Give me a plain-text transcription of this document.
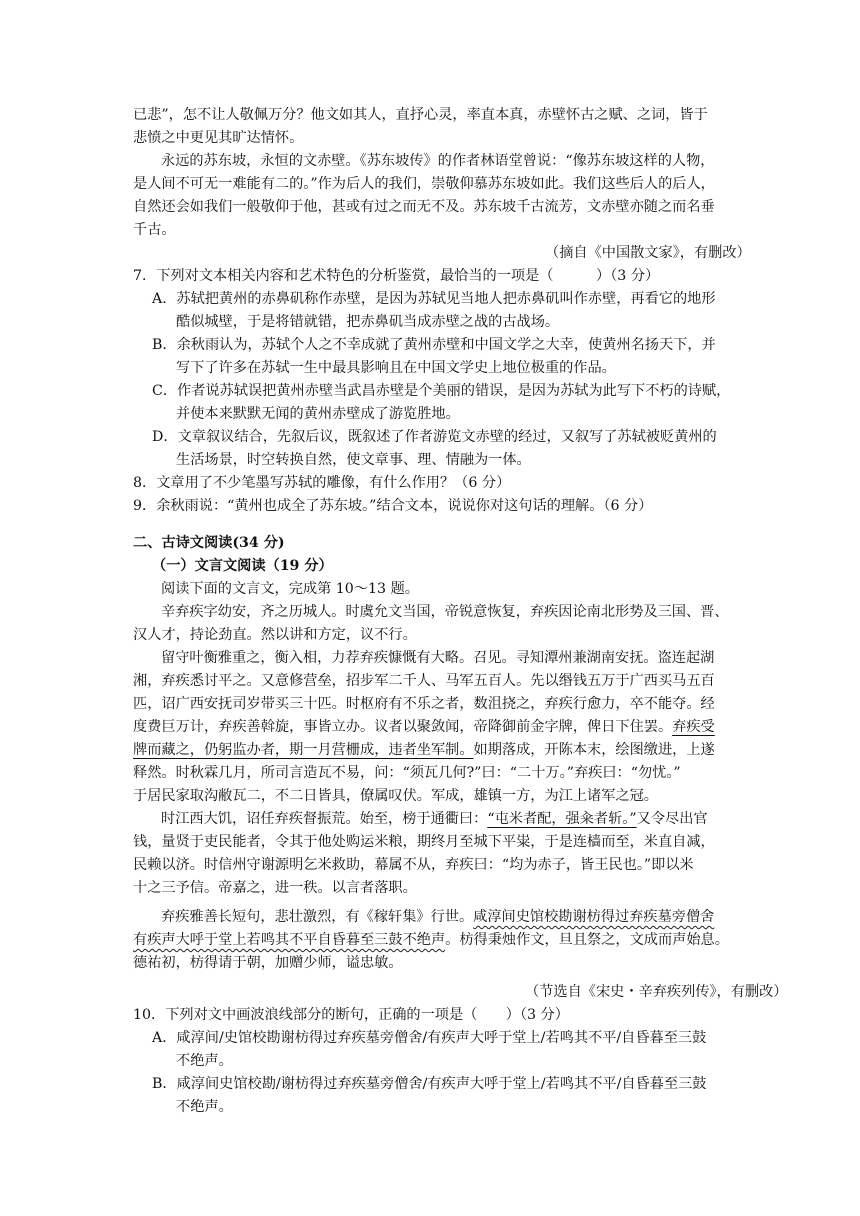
已悲”，怎不让人敬佩万分？他文如其人，直抒心灵，率直本真，赤壁怀古之赋、之词，皆于
悲愤之中更见其旷达情怀。
永远的苏东坡，永恒的文赤壁。《苏东坡传》的作者林语堂曾说：“像苏东坡这样的人物，
是人间不可无一难能有二的。”作为后人的我们，崇敬仰慕苏东坡如此。我们这些后人的后人，
自然还会如我们一般敬仰于他，甚或有过之而无不及。苏东坡千古流芳，文赤壁亦随之而名垂
千古。
（摘自《中国散文家》，有删改）
7．下列对文本相关内容和艺术特色的分析鉴赏，最恰当的一项是（　　　）（3 分）
A．苏轼把黄州的赤鼻矶称作赤壁，是因为苏轼见当地人把赤鼻矶叫作赤壁，再看它的地形
酷似城壁，于是将错就错，把赤鼻矶当成赤壁之战的古战场。
B．余秋雨认为，苏轼个人之不幸成就了黄州赤壁和中国文学之大幸，使黄州名扬天下，并
写下了许多在苏轼一生中最具影响且在中国文学史上地位极重的作品。
C．作者说苏轼误把黄州赤壁当武昌赤壁是个美丽的错误，是因为苏轼为此写下不朽的诗赋，
并使本来默默无闻的黄州赤壁成了游览胜地。
D．文章叙议结合，先叙后议，既叙述了作者游览文赤壁的经过，又叙写了苏轼被贬黄州的
生活场景，时空转换自然，使文章事、理、情融为一体。
8．文章用了不少笔墨写苏轼的雕像，有什么作用？（6 分）
9．余秋雨说：“黄州也成全了苏东坡。”结合文本，说说你对这句话的理解。（6 分）
二、古诗文阅读(34 分)
（一）文言文阅读（19 分）
阅读下面的文言文，完成第 10～13 题。
辛弃疾字幼安，齐之历城人。时虞允文当国，帝锐意恢复，弃疾因论南北形势及三国、晋、
汉人才，持论劲直。然以讲和方定，议不行。
留守叶衡雅重之，衡入相，力荐弃疾慷慨有大略。召见。寻知潭州兼湖南安抚。盗连起湖
湘，弃疾悉讨平之。又意修营垒，招步军二千人、马军五百人。先以缗钱五万于广西买马五百
匹，诏广西安抚司岁带买三十匹。时枢府有不乐之者，数沮挠之，弃疾行愈力，卒不能夺。经
度费巨万计，弃疾善斡旋，事皆立办。议者以聚敛闻，帝降御前金字牌，俾日下住罢。弃疾受
牌而藏之，仍躬监办者，期一月营栅成，违者坐军制。如期落成，开陈本末，绘图缴进，上遂
释然。时秋霖几月，所司言造瓦不易，问：“须瓦几何?”曰：“二十万。”弃疾曰：“勿忧。”
于居民家取沟敝瓦二，不二日皆具，僚属叹伏。军成，雄镇一方，为江上诸军之冠。
时江西大饥，诏任弃疾督振荒。始至，榜于通衢曰：“屯米者配，强籴者斩。”又令尽出官
钱，量贤于吏民能者，令其于他处购运米粮，期终月至城下平粜，于是连樯而至，米直自减，
民赖以济。时信州守谢源明乞米救助，幕属不从，弃疾曰：“均为赤子，皆王民也。”即以米
十之三予信。帝嘉之，进一秩。以言者落职。
弃疾雅善长短句，悲壮激烈，有《稼轩集》行世。咸淳间史馆校勘谢枋得过弃疾墓旁僧舍
有疾声大呼于堂上若鸣其不平自昏暮至三鼓不绝声。枋得秉烛作文，旦且祭之，文成而声始息。
德祐初，枋得请于朝，加赠少师，谥忠敏。
（节选自《宋史・辛弃疾列传》，有删改）
10．下列对文中画波浪线部分的断句，正确的一项是（　　）（3 分）
A．咸淳间/史馆校勘谢枋得过弃疾墓旁僧舍/有疾声大呼于堂上/若鸣其不平/自昏暮至三鼓
不绝声。
B．咸淳间史馆校勘/谢枋得过弃疾墓旁僧舍/有疾声大呼于堂上/若鸣其不平/自昏暮至三鼓
不绝声。
